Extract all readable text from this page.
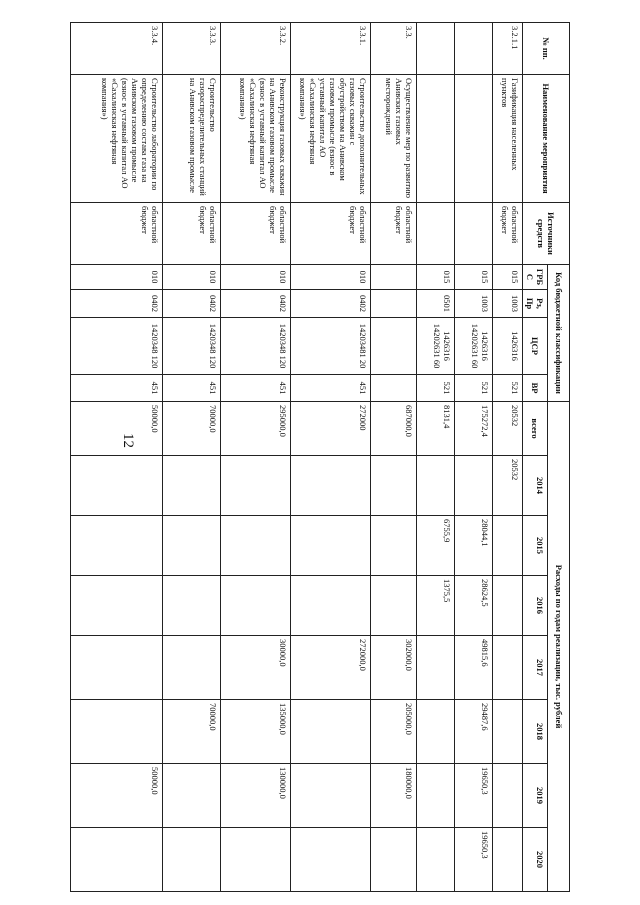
12
№ пп.	Наименование мероприятия	Источники средств	Код бюджетной классификации				Расходы по годам реализации, тыс. рублей							
			ГРБ С	Рз, Пр	ЦСР	ВР	всего	2014	2015	2016	2017	2018	2019	2020
3.2.1.1	Газификация населенных пунктов	областной бюджет	015	1003	1426316	521	20532	20532						
			015	1003	1426316 14202631 60	521	175272,4		28044,1	28624,5	49815,6	29487,6	19650,3	19650,3
			015	0501	1426316 14202631 60	521	8131,4		6755,9	1375,5				
3.3.	Осуществление мер по развитию Анивских газовых месторождений	областной бюджет					687000,0				302000,0	205000,0	180000,0	
3.3.1.	Строительство дополнительных газовых скважин с обустройством на Анивском газовом промысле (взнос в уставный капитал АО «Сахалинская нефтяная компания»)	областной бюджет	010	0402	14203481 20	451	272000				272000,0			
3.3.2.	Реконструкция газовых скважин на Анивском газовом промысле (взнос в уставный капитал АО «Сахалинская нефтяная компания»)	областной бюджет	010	0402	1420348 120	451	295000,0				30000,0	135000,0	130000,0	
3.3.3.	Строительство газораспределительных станций на Анивском газовом промысле	областной бюджет	010	0402	1420348 120	451	70000,0					70000,0		
3.3.4.	Строительство лаборатории по определению состава газа на Анивском газовом промысле (взнос в уставный капитал АО «Сахалинская нефтяная компания»)	областной бюджет	010	0402	1420348 120	451	50000,0						50000,0	
